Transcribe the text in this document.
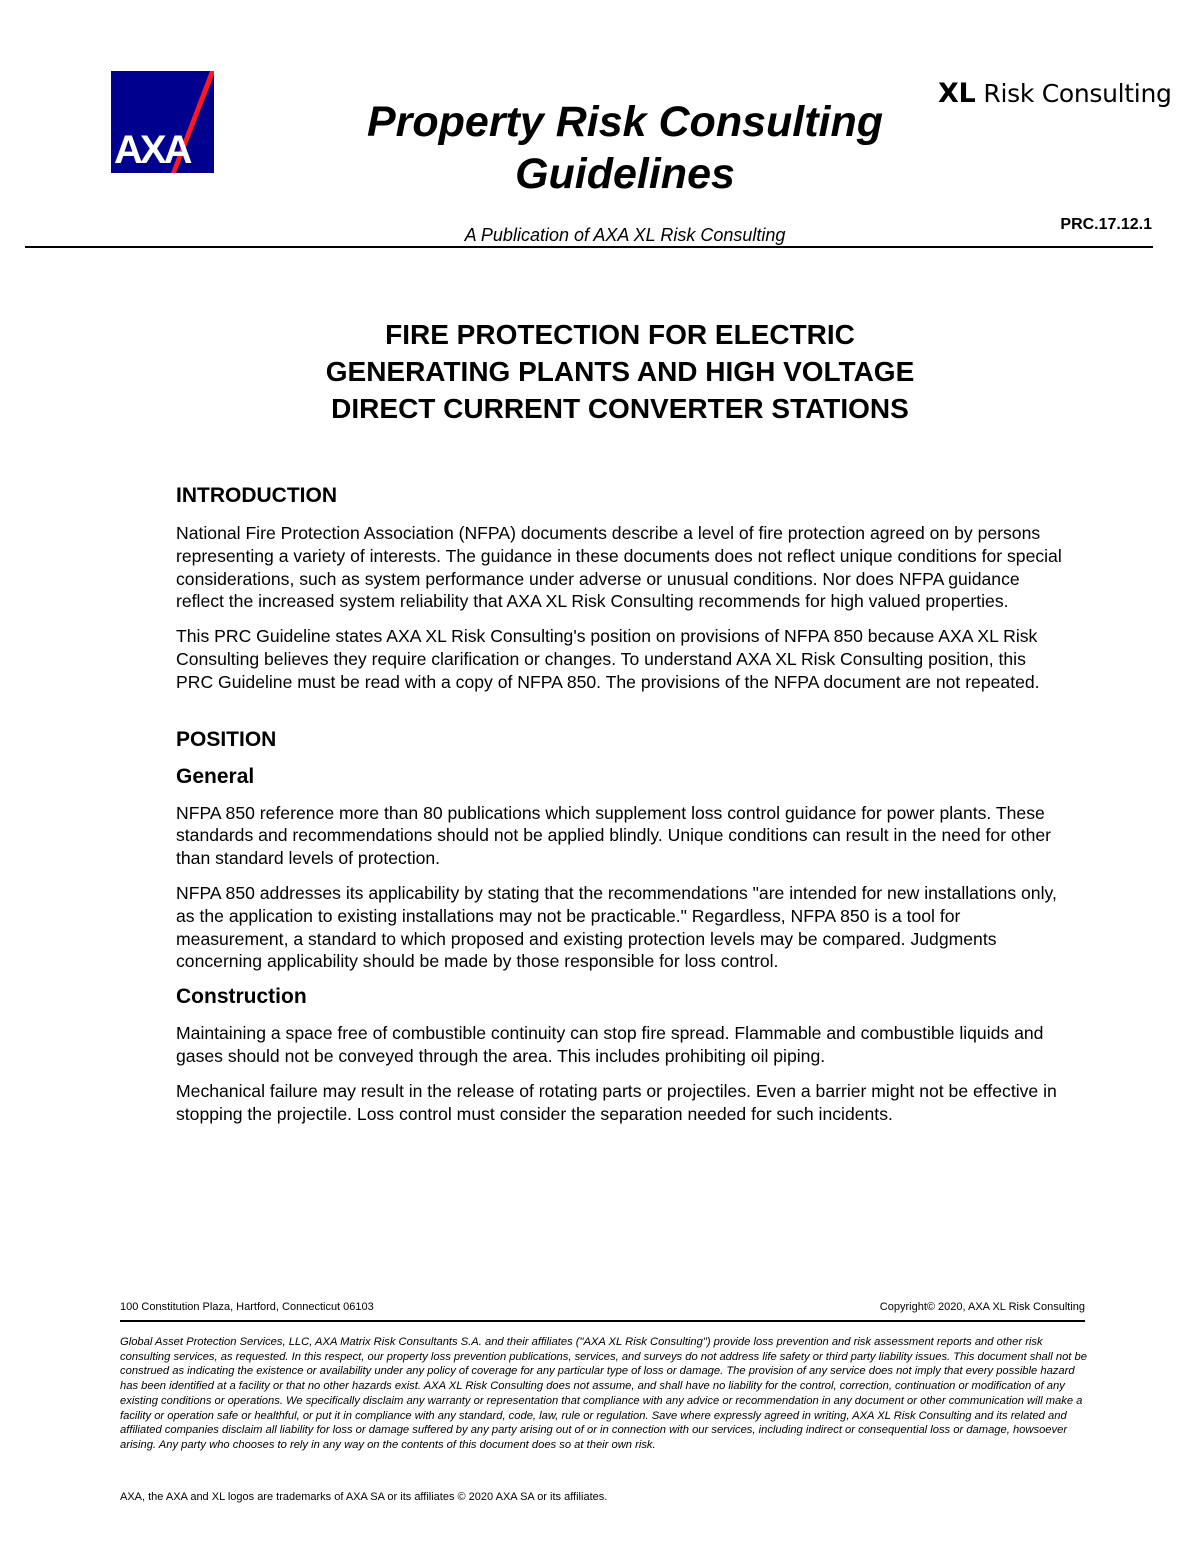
AXA
XL Risk Consulting
Property Risk Consulting
Guidelines
A Publication of AXA XL Risk Consulting
PRC.17.12.1
FIRE PROTECTION FOR ELECTRIC
GENERATING PLANTS AND HIGH VOLTAGE
DIRECT CURRENT CONVERTER STATIONS
INTRODUCTION

National Fire Protection Association (NFPA) documents describe a level of fire protection agreed on by persons representing a variety of interests. The guidance in these documents does not reflect unique conditions for special considerations, such as system performance under adverse or unusual conditions. Nor does NFPA guidance reflect the increased system reliability that AXA XL Risk Consulting recommends for high valued properties.

This PRC Guideline states AXA XL Risk Consulting's position on provisions of NFPA 850 because AXA XL Risk Consulting believes they require clarification or changes. To understand AXA XL Risk Consulting position, this PRC Guideline must be read with a copy of NFPA 850. The provisions of the NFPA document are not repeated.

POSITION
General

NFPA 850 reference more than 80 publications which supplement loss control guidance for power plants. These standards and recommendations should not be applied blindly. Unique conditions can result in the need for other than standard levels of protection.

NFPA 850 addresses its applicability by stating that the recommendations "are intended for new installations only, as the application to existing installations may not be practicable." Regardless, NFPA 850 is a tool for measurement, a standard to which proposed and existing protection levels may be compared. Judgments concerning applicability should be made by those responsible for loss control.

Construction

Maintaining a space free of combustible continuity can stop fire spread. Flammable and combustible liquids and gases should not be conveyed through the area. This includes prohibiting oil piping.

Mechanical failure may result in the release of rotating parts or projectiles. Even a barrier might not be effective in stopping the projectile. Loss control must consider the separation needed for such incidents.

100 Constitution Plaza, Hartford, Connecticut 06103	Copyright© 2020, AXA XL Risk Consulting
Global Asset Protection Services, LLC, AXA Matrix Risk Consultants S.A. and their affiliates ("AXA XL Risk Consulting") provide loss prevention and risk assessment reports and other risk consulting services, as requested. In this respect, our property loss prevention publications, services, and surveys do not address life safety or third party liability issues. This document shall not be construed as indicating the existence or availability under any policy of coverage for any particular type of loss or damage. The provision of any service does not imply that every possible hazard has been identified at a facility or that no other hazards exist. AXA XL Risk Consulting does not assume, and shall have no liability for the control, correction, continuation or modification of any existing conditions or operations. We specifically disclaim any warranty or representation that compliance with any advice or recommendation in any document or other communication will make a facility or operation safe or healthful, or put it in compliance with any standard, code, law, rule or regulation. Save where expressly agreed in writing, AXA XL Risk Consulting and its related and affiliated companies disclaim all liability for loss or damage suffered by any party arising out of or in connection with our services, including indirect or consequential loss or damage, howsoever arising. Any party who chooses to rely in any way on the contents of this document does so at their own risk.
AXA, the AXA and XL logos are trademarks of AXA SA or its affiliates © 2020 AXA SA or its affiliates.
